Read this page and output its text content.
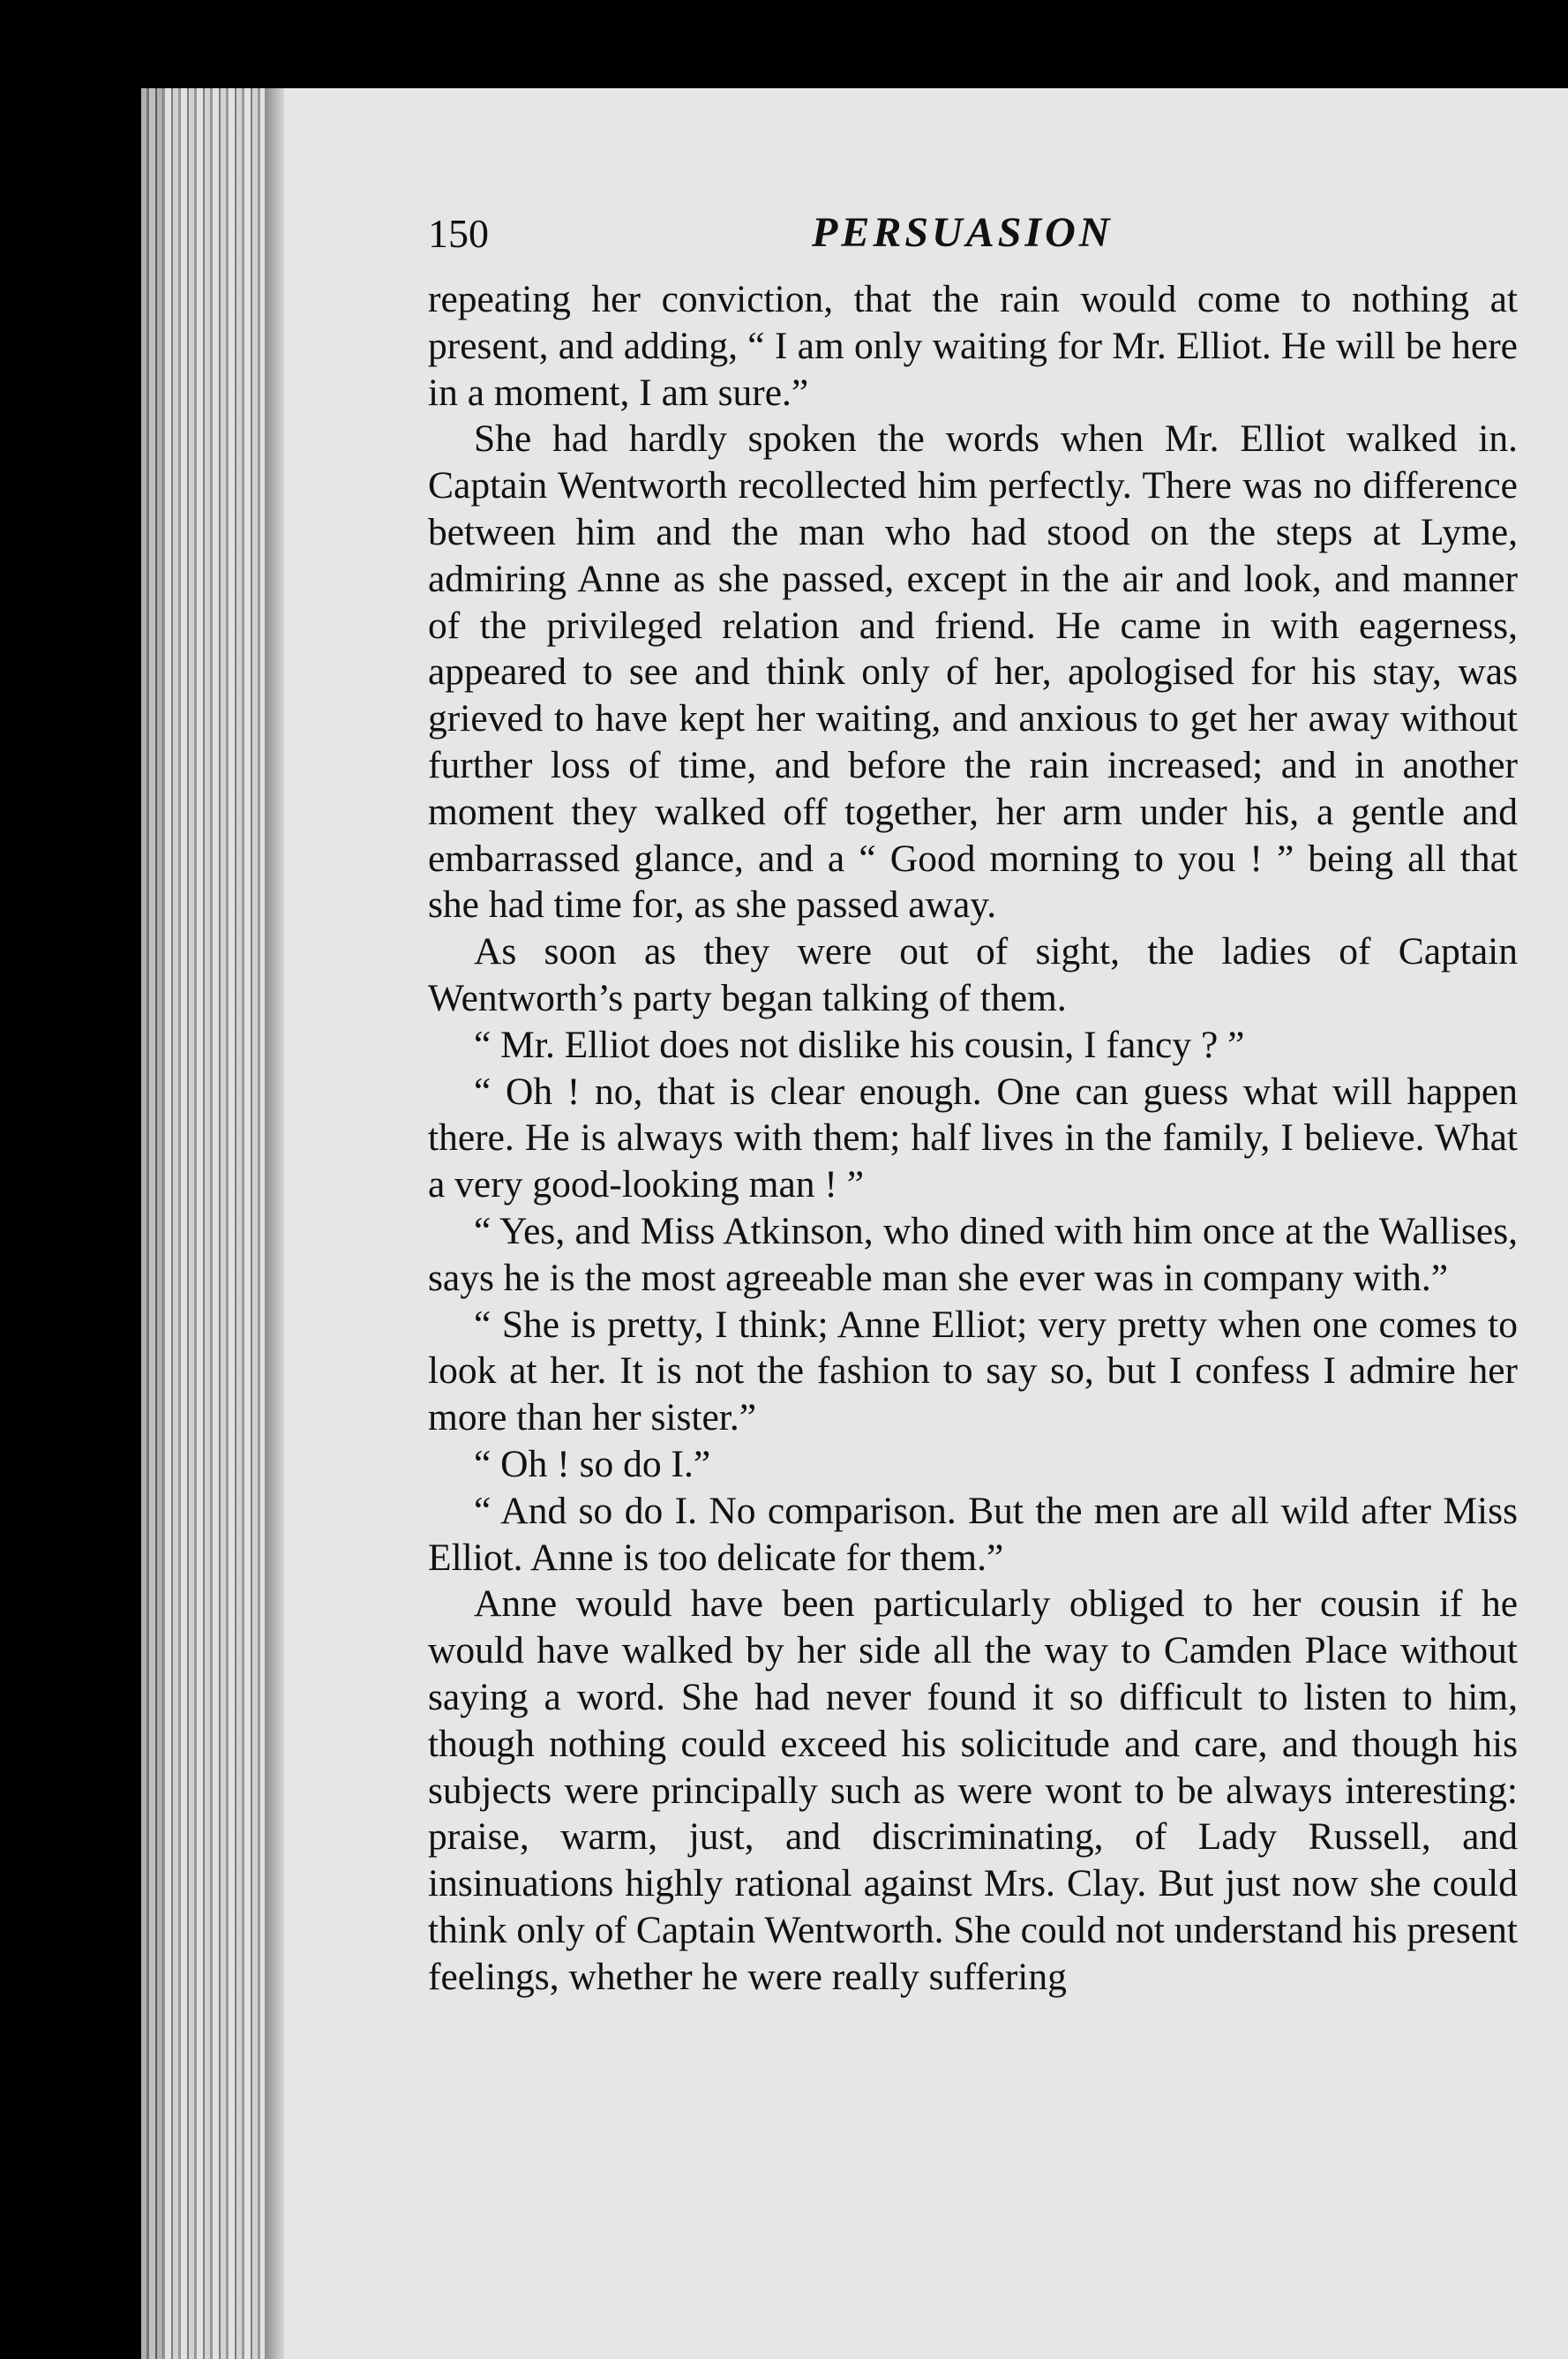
150	PERSUASION

repeating her conviction, that the rain would come to nothing at present, and adding, “ I am only waiting for Mr. Elliot. He will be here in a moment, I am sure.”

She had hardly spoken the words when Mr. Elliot walked in. Captain Wentworth recollected him perfectly. There was no difference between him and the man who had stood on the steps at Lyme, admiring Anne as she passed, except in the air and look, and manner of the privileged relation and friend. He came in with eagerness, appeared to see and think only of her, apologised for his stay, was grieved to have kept her waiting, and anxious to get her away without further loss of time, and before the rain increased; and in another moment they walked off together, her arm under his, a gentle and embarrassed glance, and a “ Good morning to you ! ” being all that she had time for, as she passed away.

As soon as they were out of sight, the ladies of Captain Wentworth’s party began talking of them.

“ Mr. Elliot does not dislike his cousin, I fancy ? ”

“ Oh ! no, that is clear enough. One can guess what will happen there. He is always with them; half lives in the family, I believe. What a very good-looking man ! ”

“ Yes, and Miss Atkinson, who dined with him once at the Wallises, says he is the most agreeable man she ever was in company with.”

“ She is pretty, I think; Anne Elliot; very pretty when one comes to look at her. It is not the fashion to say so, but I confess I admire her more than her sister.”

“ Oh ! so do I.”

“ And so do I. No comparison. But the men are all wild after Miss Elliot. Anne is too delicate for them.”

Anne would have been particularly obliged to her cousin if he would have walked by her side all the way to Camden Place without saying a word. She had never found it so difficult to listen to him, though nothing could exceed his solicitude and care, and though his subjects were principally such as were wont to be always interesting: praise, warm, just, and discriminating, of Lady Russell, and insinuations highly rational against Mrs. Clay. But just now she could think only of Captain Wentworth. She could not understand his present feelings, whether he were really suffering
